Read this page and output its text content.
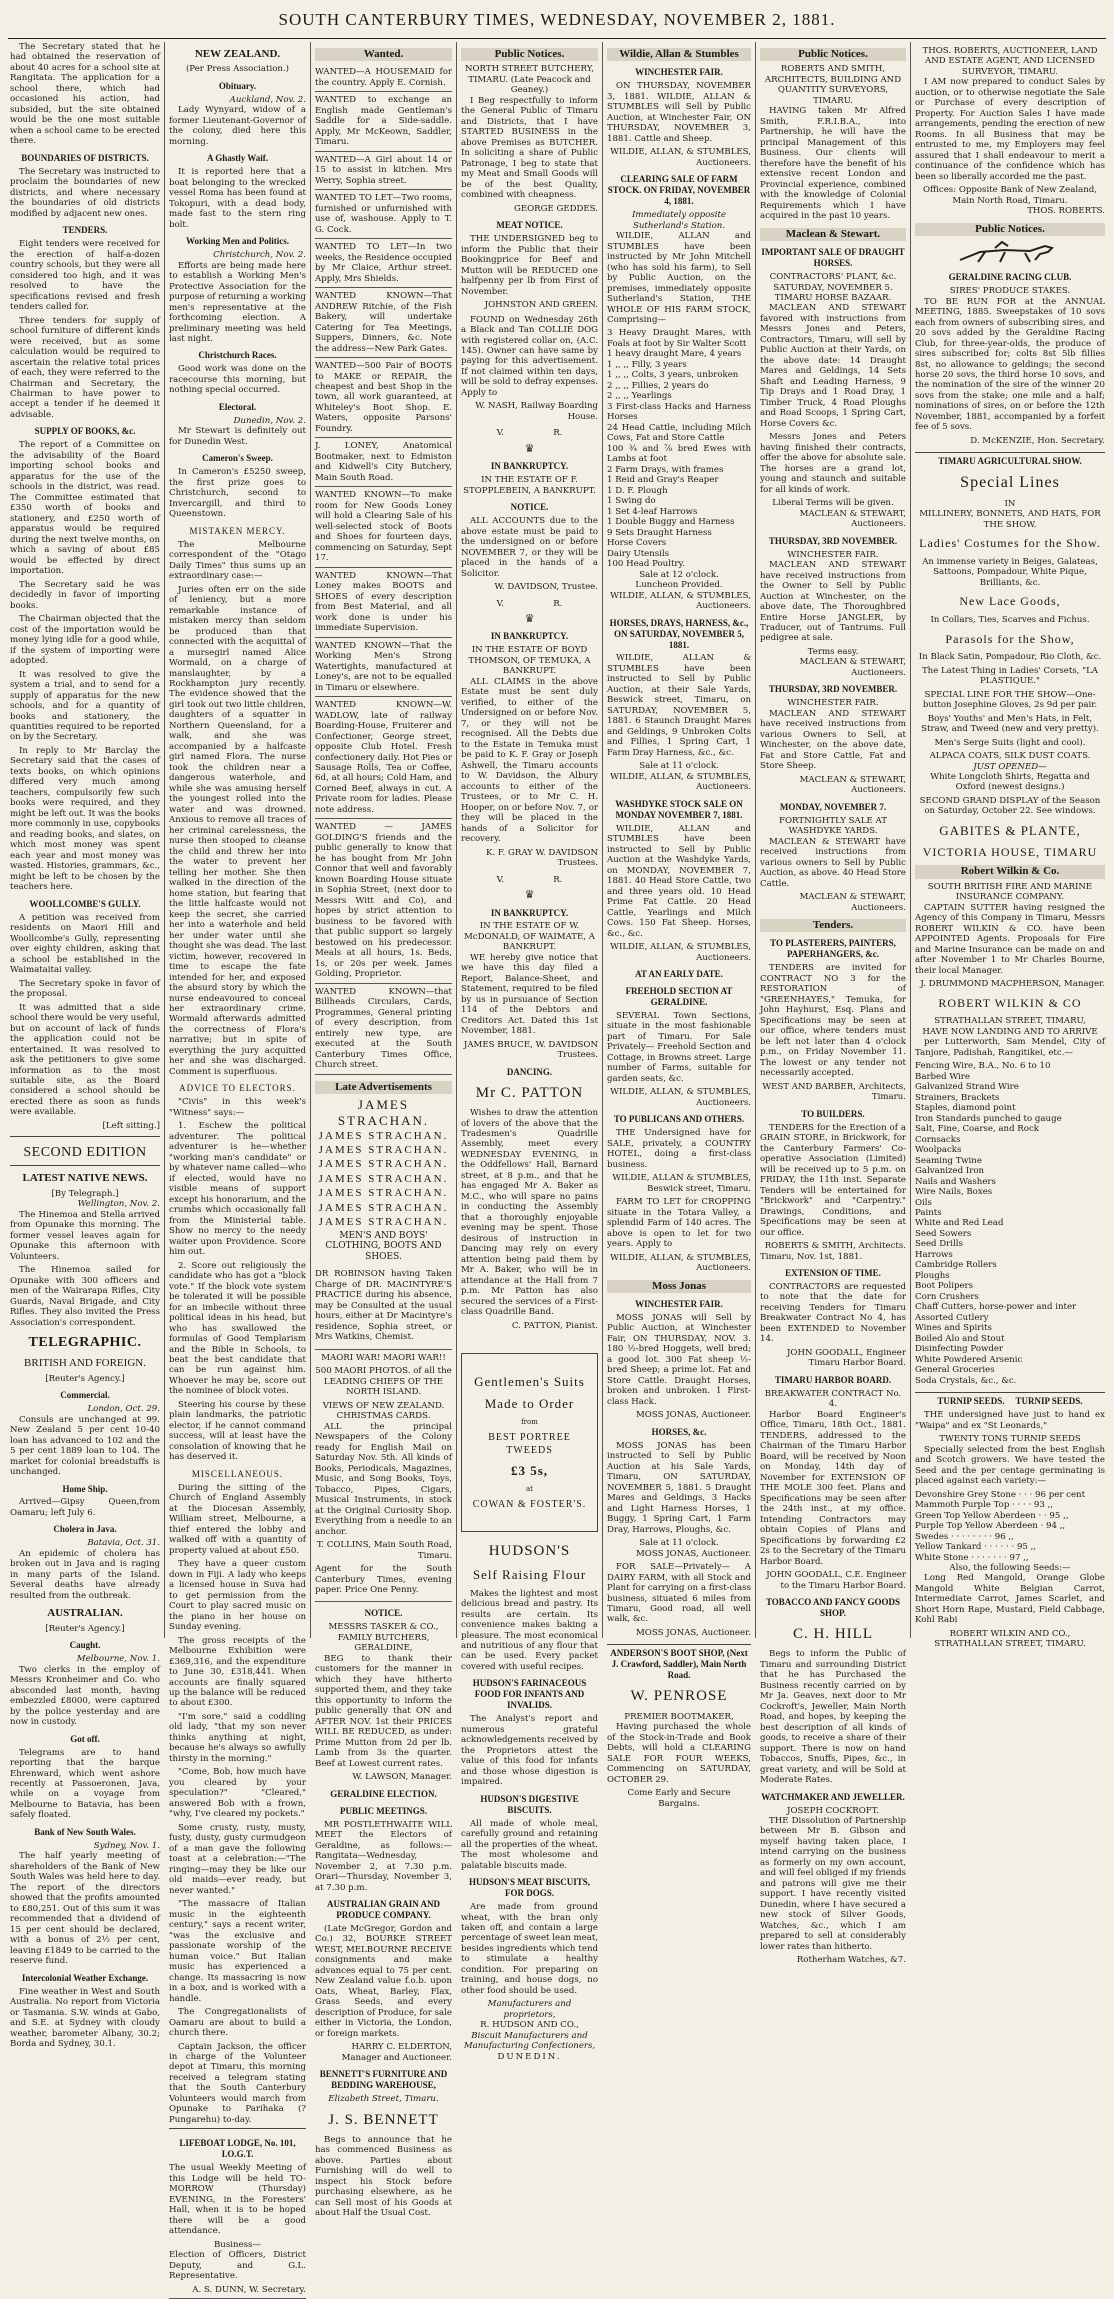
SOUTH CANTERBURY TIMES, WEDNESDAY, NOVEMBER 2, 1881.

The Secretary stated that he had obtained the reservation of about 40 acres for a school site at Rangitata. The application for a school there, which had occasioned his action, had subsided, but the site obtained would be the one most suitable when a school came to be erected there.

BOUNDARIES OF DISTRICTS.

The Secretary was instructed to proclaim the boundaries of new districts, and where necessary the boundaries of old districts modified by adjacent new ones.

TENDERS.

Eight tenders were received for the erection of half-a-dozen country schools, but they were all considered too high, and it was resolved to have the specifications revised and fresh tenders called for.

Three tenders for supply of school furniture of different kinds were received, but as some calculation would be required to ascertain the relative total prices of each, they were referred to the Chairman and Secretary, the Chairman to have power to accept a tender if he deemed it advisable.

SUPPLY OF BOOKS, &c.

The report of a Committee on the advisability of the Board importing school books and apparatus for the use of the schools in the district, was read. The Committee estimated that £350 worth of books and stationery, and £250 worth of apparatus would be required during the next twelve months, on which a saving of about £85 would be effected by direct importation.

The Secretary said he was decidedly in favor of importing books.

The Chairman objected that the cost of the importation would be money lying idle for a good while, if the system of importing were adopted.

It was resolved to give the system a trial, and to send for a supply of apparatus for the new schools, and for a quantity of books and stationery, the quantities required to be reported on by the Secretary.

In reply to Mr Barclay the Secretary said that the cases of texts books, on which opinions differed very much among teachers, compulsorily few such books were required, and they might be left out. It was the books more commonly in use, copybooks and reading books, and slates, on which most money was spent each year and most money was wasted. Histories, grammars, &c., might be left to be chosen by the teachers here.

WOOLLCOMBE'S GULLY.

A petition was received from residents on Maori Hill and Woollcombe's Gully, representing over eighty children, asking that a school be established in the Waimataitai valley.

The Secretary spoke in favor of the proposal.

It was admitted that a side school there would be very useful, but on account of lack of funds the application could not be entertained. It was resolved to ask the petitioners to give some information as to the most suitable site, as the Board considered a school should be erected there as soon as funds were available.

[Left sitting.]
SECOND EDITION
LATEST NATIVE NEWS.
[By Telegraph.]
Wellington, Nov. 2.

The Hinemoa and Stella arrived from Opunake this morning. The former vessel leaves again for Opunake this afternoon with Volunteers.

The Hinemoa sailed for Opunake with 300 officers and men of the Wairarapa Rifles, City Guards, Naval Brigade, and City Rifles. They also invited the Press Association's correspondent.

TELEGRAPHIC.
BRITISH AND FOREIGN.
[Reuter's Agency.]
Commercial.
London, Oct. 29.

Consuls are unchanged at 99. New Zealand 5 per cent 10-40 loan has advanced to 102 and the 5 per cent 1889 loan to 104. The market for colonial breadstuffs is unchanged.

Home Ship.

Arrived—Gipsy Queen,from Oamaru; left July 6.

Cholera in Java.
Batavia, Oct. 31.

An epidemic of cholera has broken out in Java and is raging in many parts of the Island. Several deaths have already resulted from the outbreak.

AUSTRALIAN.
[Reuter's Agency.]
Caught.
Melbourne, Nov. 1.

Two clerks in the employ of Messrs Kronheimer and Co. who absconded last month, having embezzled £8000, were captured by the police yesterday and are now in custody.

Got off.

Telegrams are to hand reporting that the barque Ehrenward, which went ashore recently at Passoeronen, Java, while on a voyage from Melbourne to Batavia, has been safely floated.

Bank of New South Wales.
Sydney, Nov. 1.

The half yearly meeting of shareholders of the Bank of New South Wales was held here to day. The report of the directors showed that the profits amounted to £80,251. Out of this sum it was recommended that a dividend of 15 per cent should be declared, with a bonus of 2½ per cent, leaving £1849 to be carried to the reserve fund.

Intercolonial Weather Exchange.

Fine weather in West and South Australia. No report from Victoria or Tasmania. S.W. winds at Gabo, and S.E. at Sydney with cloudy weather, barometer Albany, 30.2; Borda and Sydney, 30.1.

NEW ZEALAND.
(Per Press Association.)
Obituary.
Auckland, Nov. 2.

Lady Wynyard, widow of a former Lieutenant-Governor of the colony, died here this morning.

A Ghastly Waif.

It is reported here that a boat belonging to the wrecked vessel Roma has been found at Tokopuri, with a dead body, made fast to the stern ring bolt.

Working Men and Politics.
Christchurch, Nov. 2.

Efforts are being made here to establish a Working Men's Protective Association for the purpose of returning a working men's representative at the forthcoming election. A preliminary meeting was held last night.

Christchurch Races.

Good work was done on the racecourse this morning, but nothing special occurred.

Electoral.
Dunedin, Nov. 2.

Mr Stewart is definitely out for Dunedin West.

Cameron's Sweep.

In Cameron's £5250 sweep, the first prize goes to Christchurch, second to Invercargill, and third to Queenstown.

MISTAKEN MERCY.

The Melbourne correspondent of the "Otago Daily Times" thus sums up an extraordinary case:—

Juries often err on the side of leniency, but a more remarkable instance of mistaken mercy than seldom be produced than that connected with the acquittal of a mursegirl named Alice Wormald, on a charge of manslaughter, by a Rockhampton jury recently. The evidence showed that the girl took out two little children, daughters of a squatter in Northern Queensland, for a walk, and she was accompanied by a halfcaste girl named Flora. The nurse took the children near a dangerous waterhole, and while she was amusing herself the youngest rolled into the water and was drowned. Anxious to remove all traces of her criminal carelessness, the nurse then stooped to cleanse the child and threw her into the water to prevent her telling her mother. She then walked in the direction of the home station, but fearing that the little halfcaste would not keep the secret, she carried her into a waterhole and held her under water until she thought she was dead. The last victim, however, recovered in time to escape the fate intended for her, and exposed the absurd story by which the nurse endeavoured to conceal her extraordinary crime. Wormald afterwards admitted the correctness of Flora's narrative; but in spite of everything the jury acquitted her and she was discharged. Comment is superfluous.

ADVICE TO ELECTORS.

"Civis" in this week's "Witness" says:—

1. Eschew the political adventurer. The political adventurer is he—whether "working man's candidate" or by whatever name called—who if elected, would have no visible means of support except his honorarium, and the crumbs which occasionally fall from the Ministerial table. Show no mercy to the needy waiter upon Providence. Score him out.

2. Score out religiously the candidate who has got a "block vote." If the block vote system be tolerated it will be possible for an imbecile without three political ideas in his head, but who has swallowed the formulas of Good Templarism and the Bible in Schools, to beat the best candidate that can be run against him. Whoever he may be, score out the nominee of block votes.

Steering his course by these plain landmarks, the patriotic elector, if he cannot command success, will at least have the consolation of knowing that he has deserved it.

MISCELLANEOUS.

During the sitting of the Church of England Assembly at the Diocesan Assembly, William street, Melbourne, a thief entered the lobby and walked off with a quantity of property valued at about £50.

They have a queer custom down in Fiji. A lady who keeps a licensed house in Suva had to get permission from the Court to play sacred music on the piano in her house on Sunday evening.

The gross receipts of the Melbourne Exhibition were £369,316, and the expenditure to June 30, £318,441. When accounts are finally squared up the balance will be reduced to about £300.

"I'm sore," said a coddling old lady, "that my son never thinks anything at night, because he's always so awfully thirsty in the morning."

"Come, Bob, how much have you cleared by your speculation?" "Cleared," answered Bob with a frown, "why, I've cleared my pockets."

Some crusty, rusty, musty, fusty, dusty, gusty curmudgeon of a man gave the following toast at a celebration:—"The ringing—may they be like our old maids—ever ready, but never wanted."

"The massacre of Italian music in the eighteenth century," says a recent writer, "was the exclusive and passionate worship of the human voice." But Italian music has experienced a change. Its massacring is now in a box, and is worked with a handle.

The Congregationalists of Oamaru are about to build a church there.

Captain Jackson, the officer in charge of the Volunteer depot at Timaru, this morning received a telegram stating that the South Canterbury Volunteers would march from Opunake to Parihaka (? Pungarehu) to-day.

LIFEBOAT LODGE, No. 101, I.O.G.T.

The usual Weekly Meeting of this Lodge will be held TO-MORROW (Thursday) EVENING, in the Foresters' Hall, when it is to be hoped there will be a good attendance.

Business—

Election of Officers, District Deputy, and G.L. Representative.

A. S. DUNN, W. Secretary.
Wanted.
WANTED—A HOUSEMAID for the country. Apply E. Cornish.
WANTED to exchange an English made Gentleman's Saddle for a Side-saddle. Apply, Mr McKeown, Saddler, Timaru.
WANTED—A Girl about 14 or 15 to assist in kitchen. Mrs Werry, Sophia street.
WANTED TO LET—Two rooms, furnished or unfurnished with use of, washouse. Apply to T. G. Cock.
WANTED TO LET—In two weeks, the Residence occupied by Mr Claice, Arthur street. Apply, Mrs Shields.
WANTED KNOWN—That ANDREW Ritchie, of the Fish Bakery, will undertake Catering for Tea Meetings, Suppers, Dinners, &c. Note the address—New Park Gates.
WANTED—500 Pair of BOOTS to MAKE or REPAIR, the cheapest and best Shop in the town, all work guaranteed, at Whiteley's Boot Shop. E. Waters, opposite Parsons' Foundry.
J. LONEY, Anatomical Bootmaker, next to Edmiston and Kidwell's City Butchery, Main South Road.
WANTED KNOWN—To make room for New Goods Loney will hold a Clearing Sale of his well-selected stock of Boots and Shoes for fourteen days, commencing on Saturday, Sept 17.
WANTED KNOWN—That Loney makes BOOTS and SHOES of every description from Best Material, and all work done is under his immediate Supervision.
WANTED KNOWN—That the Working Men's Strong Watertights, manufactured at Loney's, are not to be equalled in Timaru or elsewhere.
WANTED KNOWN—W. WADLOW, late of railway Boarding-House, Fruiterer and Confectioner, George street, opposite Club Hotel. Fresh confectionery daily. Hot Pies or Sausage Rolls, Tea or Coffee, 6d, at all hours; Cold Ham, and Corned Beef, always in cut. A Private room for ladies. Please note address.
WANTED — JAMES GOLDING'S friends and the public generally to know that he has bought from Mr John Connor that well and favorably known Boarding House situate in Sophia Street, (next door to Messrs Witt and Co), and hopes by strict attention to business to be favored with that public support so largely bestowed on his predecessor. Meals at all hours, 1s. Beds, 1s, or 20s per week. James Golding, Proprietor.
WANTED KNOWN—that Billheads Circulars, Cards, Programmes, General printing of every description, from entirely new type, are executed at the South Canterbury Times Office, Church street.
Late Advertisements
JAMES STRACHAN.
JAMES STRACHAN.
JAMES STRACHAN.
JAMES STRACHAN.
JAMES STRACHAN.
JAMES STRACHAN.
JAMES STRACHAN.
JAMES STRACHAN.
MEN'S AND BOYS' CLOTHING, BOOTS AND SHOES.

DR ROBINSON having Taken Charge of DR. MACINTYRE'S PRACTICE during his absence, may be Consulted at the usual hours, either at Dr Macintyre's residence, Sophia street, or Mrs Watkins, Chemist.

MAORI WAR! MAORI WAR!!
500 MAORI PHOTOS. of all the LEADING CHIEFS OF THE NORTH ISLAND.
VIEWS OF NEW ZEALAND.
CHRISTMAS CARDS.

ALL the principal Newspapers of the Colony ready for English Mail on Saturday Nov. 5th. All kinds of Books, Periodicals, Magazines, Music, and Song Books, Toys, Tobacco, Pipes, Cigars, Musical Instruments, in stock at the Original Curiosity Shop. Everything from a needle to an anchor.

T. COLLINS, Main South Road, Timaru.

Agent for the South Canterbury Times, evening paper. Price One Penny.

NOTICE.
MESSRS TASKER & CO., FAMILY BUTCHERS, GERALDINE,

BEG to thank their customers for the manner in which they have hitherto supported them, and they take this opportunity to inform the public generally that ON and AFTER NOV. 1st their PRICES WILL BE REDUCED, as under: Prime Mutton from 2d per lb. Lamb from 3s the quarter. Beef at Lowest current rates.

W. LAWSON, Manager.
GERALDINE ELECTION.
PUBLIC MEETINGS.

MR POSTLETHWAITE WILL MEET the Electors of Geraldine, as follows:— Rangitata—Wednesday, November 2, at 7.30 p.m. Orari—Thursday, November 3, at 7.30 p.m.

AUSTRALIAN GRAIN AND PRODUCE COMPANY.

(Late McGregor, Gordon and Co.) 32, BOURKE STREET WEST, MELBOURNE RECEIVE consignments and make advances equal to 75 per cent. New Zealand value f.o.b. upon Oats, Wheat, Barley, Flax, Grass Seeds, and every description of Produce, for sale either in Victoria, the London, or foreign markets.

HARRY C. ELDERTON, Manager and Auctioneer.
BENNETT'S FURNITURE AND BEDDING WAREHOUSE,
Elizabeth Street, Timaru.
J. S. BENNETT

Begs to announce that he has commenced Business as above. Parties about Furnishing will do well to inspect his Stock before purchasing elsewhere, as he can Sell most of his Goods at about Half the Usual Cost.

Public Notices.
NORTH STREET BUTCHERY, TIMARU. (Late Peacock and Geaney.)

I Beg respectfully to inform the General Public of Timaru and Districts, that I have STARTED BUSINESS in the above Premises as BUTCHER. In soliciting a share of Public Patronage, I beg to state that my Meat and Small Goods will be of the best Quality, combined with cheapness.

GEORGE GEDDES.
MEAT NOTICE.

THE UNDERSIGNED beg to inform the Public that their Bookingprice for Beef and Mutton will be REDUCED one halfpenny per lb from First of November.

JOHNSTON AND GREEN.

FOUND on Wednesday 26th a Black and Tan COLLIE DOG with registered collar on, (A.C. 145). Owner can have same by paying for this advertisement. If not claimed within ten days, will be sold to defray expenses. Apply to

W. NASH, Railway Boarding House.
V.                  R.
♛
IN BANKRUPTCY.
IN THE ESTATE OF F. STOPPLEBEIN, A BANKRUPT.
NOTICE.

ALL ACCOUNTS due to the above estate must be paid to the undersigned on or before NOVEMBER 7, or they will be placed in the hands of a Solicitor.

W. DAVIDSON, Trustee.
V.                  R.
♛
IN BANKRUPTCY.
IN THE ESTATE OF BOYD THOMSON, OF TEMUKA, A BANKRUPT.

ALL CLAIMS in the above Estate must be sent duly verified, to either of the Undersigned on or before Nov. 7, or they will not be recognised. All the Debts due to the Estate in Temuka must be paid to K. F. Gray or Joseph Ashwell, the Timaru accounts to W. Davidson, the Albury accounts to either of the Trustees, or to Mr C. H. Hooper, on or before Nov. 7, or they will be placed in the hands of a Solicitor for recovery.

K. F. GRAY W. DAVIDSON Trustees.
V.                  R.
♛
IN BANKRUPTCY.
IN THE ESTATE OF W. McDONALD, OF WAIMATE, A BANKRUPT.

WE hereby give notice that we have this day filed a Report, Balance-Sheet, and Statement, required to be filed by us in pursuance of Section 114 of the Debtors and Creditors Act. Dated this 1st November, 1881.

JAMES BRUCE, W. DAVIDSON Trustees.
DANCING.
Mr C. PATTON

Wishes to draw the attention of lovers of the above that the Tradesmen's Quadrille Assembly, meet every WEDNESDAY EVENING, in the Oddfellows' Hall, Barnard street, at 8 p.m., and that he has engaged Mr A. Baker as M.C., who will spare no pains in conducting the Assembly that a thoroughly enjoyable evening may be spent. Those desirous of instruction in Dancing may rely on every attention being paid them by Mr A. Baker, who will be in attendance at the Hall from 7 p.m. Mr Patton has also secured the services of a First-class Quadrille Band.

C. PATTON, Pianist.
Gentlemen's Suits
Made to Order
from
BEST PORTREE TWEEDS
£3 5s,
at
COWAN & FOSTER'S.
HUDSON'S
Self Raising Flour

Makes the lightest and most delicious bread and pastry. Its results are certain. Its convenience makes baking a pleasure. The most economical and nutritious of any flour that can be used. Every packet covered with useful recipes.

HUDSON'S FARINACEOUS FOOD FOR INFANTS AND INVALIDS.

The Analyst's report and numerous grateful acknowledgements received by the Proprietors attest the value of this food for infants and those whose digestion is impaired.

HUDSON'S DIGESTIVE BISCUITS.

All made of whole meal, carefully ground and retaining all the properties of the wheat. The most wholesome and palatable biscuits made.

HUDSON'S MEAT BISCUITS, FOR DOGS.

Are made from ground wheat, with the bran only taken off, and contain a large percentage of sweet lean meat, besides ingredients which tend to stimulate a healthy condition. For preparing on training, and house dogs, no other food should be used.

Manufacturers and proprietors,
R. HUDSON AND CO.,
Biscuit Manufacturers and Manufacturing Confectioners,
DUNEDIN.
Wildie, Allan & Stumbles
WINCHESTER FAIR.

ON THURSDAY, NOVEMBER 3, 1881. WILDIE, ALLAN & STUMBLES will Sell by Public Auction, at Winchester Fair, ON THURSDAY, NOVEMBER 3, 1881. Cattle and Sheep.

WILDIE, ALLAN, & STUMBLES, Auctioneers.
CLEARING SALE OF FARM STOCK. ON FRIDAY, NOVEMBER 4, 1881.
Immediately opposite Sutherland's Station.

WILDIE, ALLAN and STUMBLES have been instructed by Mr John Mitchell (who has sold his farm), to Sell by Public Auction, on the premises, immediately opposite Sutherland's Station, THE WHOLE OF HIS FARM STOCK, Comprising—

3 Heavy Draught Mares, with Foals at foot by Sir Walter Scott
1 heavy draught Mare, 4 years
1 ,, ,, Filly, 3 years
1 ,, ,, Colts, 3 years, unbroken
2 ,, ,, Fillies, 2 years do
2 ,, ,, Yearlings
3 First-class Hacks and Harness Horses
24 Head Cattle, including Milch Cows, Fat and Store Cattle
100 ¾ and ⅞ bred Ewes with Lambs at foot
2 Farm Drays, with frames
1 Reid and Gray's Reaper
1 D. F. Plough
1 Swing do
1 Set 4-leaf Harrows
1 Double Buggy and Harness
9 Sets Draught Harness
Horse Covers
Dairy Utensils
100 Head Poultry.
Sale at 12 o'clock.
Luncheon Provided.
WILDIE, ALLAN, & STUMBLES, Auctioneers.
HORSES, DRAYS, HARNESS, &c., ON SATURDAY, NOVEMBER 5, 1881.

WILDIE, ALLAN & STUMBLES have been instructed to Sell by Public Auction, at their Sale Yards, Beswick street, Timaru, on SATURDAY, NOVEMBER 5, 1881. 6 Staunch Draught Mares and Geldings, 9 Unbroken Colts and Fillies, 1 Spring Cart, 1 Farm Dray Harness, &c., &c.

Sale at 11 o'clock.
WILDIE, ALLAN, & STUMBLES, Auctioneers.
WASHDYKE STOCK SALE ON MONDAY NOVEMBER 7, 1881.

WILDIE, ALLAN and STUMBLES have been instructed to Sell by Public Auction at the Washdyke Yards, on MONDAY, NOVEMBER 7, 1881. 40 Head Store Cattle, two and three years old. 10 Head Prime Fat Cattle. 20 Head Cattle, Yearlings and Milch Cows. 150 Fat Sheep. Horses, &c., &c.

WILDIE, ALLAN, & STUMBLES, Auctioneers.
AT AN EARLY DATE.
FREEHOLD SECTION AT GERALDINE.

SEVERAL Town Sections, situate in the most fashionable part of Timaru. For Sale Privately— Freehold Section and Cottage, in Browns street. Large number of Farms, suitable for garden seats, &c.

WILDIE, ALLAN, & STUMBLES, Auctioneers.
TO PUBLICANS AND OTHERS.

THE Undersigned have for SALE, privately, a COUNTRY HOTEL, doing a first-class business.

WILDIE, ALLAN & STUMBLES, Beswick street, Timaru.

FARM TO LET for CROPPING situate in the Totara Valley, a splendid Farm of 140 acres. The above is open to let for two years. Apply to

WILDIE, ALLAN, & STUMBLES, Auctioneers.
Moss Jonas
WINCHESTER FAIR.

MOSS JONAS will Sell by Public Auction, at Winchester Fair, ON THURSDAY, NOV. 3. 180 ½-bred Hoggets, well bred; a good lot. 300 Fat sheep ½-bred Sheep; a prime lot. Fat and Store Cattle. Draught Horses, broken and unbroken. 1 First-class Hack.

MOSS JONAS, Auctioneer.
HORSES, &c.

MOSS JONAS has been instructed to Sell by Public Auction at his Sale Yards, Timaru, ON SATURDAY, NOVEMBER 5, 1881. 5 Draught Mares and Geldings, 3 Hacks and Light Harness Horses, 1 Buggy, 1 Spring Cart, 1 Farm Dray, Harrows, Ploughs, &c.

Sale at 11 o'clock.
MOSS JONAS, Auctioneer.

FOR SALE—Privately— A DAIRY FARM, with all Stock and Plant for carrying on a first-class business, situated 6 miles from Timaru, Good road, all well walk, &c.

MOSS JONAS, Auctioneer.
ANDERSON'S BOOT SHOP, (Next J. Crawford, Saddler), Main North Road.
W. PENROSE
PREMIER BOOTMAKER,

Having purchased the whole of the Stock-in-Trade and Book Debts, will hold a CLEARING SALE FOR FOUR WEEKS, Commencing on SATURDAY, OCTOBER 29.

Come Early and Secure Bargains.
Public Notices.
ROBERTS AND SMITH, ARCHITECTS, BUILDING AND QUANTITY SURVEYORS, TIMARU.

HAVING taken Mr Alfred Smith, F.R.I.B.A., into Partnership, he will have the principal Management of this Business. Our clients will therefore have the benefit of his extensive recent London and Provincial experience, combined with the knowledge of Colonial Requirements which I have acquired in the past 10 years.

Maclean & Stewart.
IMPORTANT SALE OF DRAUGHT HORSES.
CONTRACTORS' PLANT, &c.
SATURDAY, NOVEMBER 5.
TIMARU HORSE BAZAAR.

MACLEAN AND STEWART favored with instructions from Messrs Jones and Peters, Contractors, Timaru, will sell by Public Auction at their Yards, on the above date: 14 Draught Mares and Geldings, 14 Sets Shaft and Leading Harness, 9 Tip Drays and 1 Road Dray, 1 Timber Truck, 4 Road Ploughs and Road Scoops, 1 Spring Cart, Horse Covers &c.

Messrs Jones and Peters having finished their contracts, offer the above for absolute sale. The horses are a grand lot, young and staunch and suitable for all kinds of work.

Liberal Terms will be given.
MACLEAN & STEWART, Auctioneers.
THURSDAY, 3RD NOVEMBER.
WINCHESTER FAIR.

MACLEAN AND STEWART have received instructions from the Owner to Sell by Public Auction at Winchester, on the above date, The Thoroughbred Entire Horse JANGLER, by Traducer, out of Tantrums. Full pedigree at sale.

Terms easy.
MACLEAN & STEWART, Auctioneers.
THURSDAY, 3RD NOVEMBER.
WINCHESTER FAIR.

MACLEAN AND STEWART have received instructions from various Owners to Sell, at Winchester, on the above date, Fat and Store Cattle, Fat and Store Sheep.

MACLEAN & STEWART, Auctioneers.
MONDAY, NOVEMBER 7.
FORTNIGHTLY SALE AT WASHDYKE YARDS.

MACLEAN & STEWART have received instructions from various owners to Sell by Public Auction, as above. 40 Head Store Cattle.

MACLEAN & STEWART, Auctioneers.
Tenders.
TO PLASTERERS, PAINTERS, PAPERHANGERS, &c.

TENDERS are invited for CONTRACT NO 3 for the RESTORATION of "GREENHAYES," Temuka, for John Hayhurst, Esq. Plans and Specifications may be seen at our office, where tenders must be left not later than 4 o'clock p.m., on Friday November 11. The lowest or any tender not necessarily accepted.

WEST AND BARBER, Architects, Timaru.
TO BUILDERS.

TENDERS for the Erection of a GRAIN STORE, in Brickwork, for the Canterbury Farmers' Co-operative Association (Limited) will be received up to 5 p.m. on FRIDAY, the 11th inst. Separate Tenders will be entertained for "Brickwork" and "Carpentry." Drawings, Conditions, and Specifications may be seen at our office.

ROBERTS & SMITH, Architects.
Timaru, Nov. 1st, 1881.
EXTENSION OF TIME.

CONTRACTORS are requested to note that the date for receiving Tenders for Timaru Breakwater Contract No 4, has been EXTENDED to November 14.

JOHN GOODALL, Engineer Timaru Harbor Board.
TIMARU HARBOR BOARD.
BREAKWATER CONTRACT No. 4.

Harbor Board Engineer's Office, Timaru, 18th Oct., 1881. TENDERS, addressed to the Chairman of the Timaru Harbor Board, will be received by Noon on Monday, 14th day of November for EXTENSION OF THE MOLE 300 feet. Plans and Specifications may be seen after the 24th inst., at my office. Intending Contractors may obtain Copies of Plans and Specifications by forwarding £2 2s to the Secretary of the Timaru Harbor Board.

JOHN GOODALL, C.E. Engineer to the Timaru Harbor Board.
TOBACCO AND FANCY GOODS SHOP.
C. H. HILL

Begs to inform the Public of Timaru and surrounding District that he has Purchased the Business recently carried on by Mr Ja. Geaves, next door to Mr Cockroft's, Jeweller, Main North Road, and hopes, by keeping the best description of all kinds of goods, to receive a share of their support. There is now on hand Tobaccos, Snuffs, Pipes, &c., in great variety, and will be Sold at Moderate Rates.

WATCHMAKER AND JEWELLER.
JOSEPH COCKROFT.

THE Dissolution of Partnership between Mr B. Gibson and myself having taken place, I intend carrying on the business as formerly on my own account, and will feel obliged if my friends and patrons will give me their support. I have recently visited Dunedin, where I have secured a new stock of Silver Goods, Watches, &c., which I am prepared to sell at considerably lower rates than hitherto.

Rotherham Watches, &7.
THOS. ROBERTS, AUCTIONEER, LAND AND ESTATE AGENT, AND LICENSED SURVEYOR, TIMARU.

I AM now prepared to conduct Sales by auction, or to otherwise negotiate the Sale or Purchase of every description of Property. For Auction Sales I have made arrangements, pending the erection of new Rooms. In all Business that may be entrusted to me, my Employers may feel assured that I shall endeavour to merit a continuance of the confidence which has been so liberally accorded me the past.

Offices: Opposite Bank of New Zealand, Main North Road, Timaru.
THOS. ROBERTS.
Public Notices.
GERALDINE RACING CLUB.
SIRES' PRODUCE STAKES.

TO BE RUN FOR at the ANNUAL MEETING, 1885. Sweepstakes of 10 sovs each from owners of subscribing sires, and 20 sovs added by the Geraldine Racing Club, for three-year-olds, the produce of sires subscribed for; colts 8st 5lb fillies 8st, no allowance to geldings; the second horse 20 sovs, the third horse 10 sovs, and the nomination of the sire of the winner 20 sovs from the stake; one mile and a half; nominations of sires, on or before the 12th November, 1881, accompanied by a forfeit fee of 5 sovs.

D. McKENZIE, Hon. Secretary.
TIMARU AGRICULTURAL SHOW.
Special Lines
IN
MILLINERY, BONNETS, AND HATS, FOR THE SHOW.
Ladies' Costumes for the Show.

An immense variety in Beiges, Galateas, Sattoons, Pompadour, White Pique, Brilliants, &c.

New Lace Goods,

In Collars, Ties, Scarves and Fichus.

Parasols for the Show,

In Black Satin, Pompadour, Rio Cloth, &c.

The Latest Thing in Ladies' Corsets, "LA PLASTIQUE."

SPECIAL LINE FOR THE SHOW—One-button Josephine Gloves, 2s 9d per pair.

Boys' Youths' and Men's Hats, in Felt, Straw, and Tweed (new and very pretty).

Men's Serge Suits (light and cool).

ALPACA COATS, SILK DUST COATS.
JUST OPENED—

White Longcloth Shirts, Regatta and Oxford (newest designs.)

SECOND GRAND DISPLAY of the Season on Saturday, October 22. See windows.

GABITES & PLANTE,
VICTORIA HOUSE, TIMARU
Robert Wilkin & Co.
SOUTH BRITISH FIRE AND MARINE INSURANCE COMPANY.

CAPTAIN SUTTER having resigned the Agency of this Company in Timaru, Messrs ROBERT WILKIN & CO. have been APPOINTED Agents. Proposals for Fire and Marine Insurance can be made on and after November 1 to Mr Charles Bourne, their local Manager.

J. DRUMMOND MACPHERSON, Manager.
ROBERT WILKIN & CO
STRATHALLAN STREET, TIMARU,
HAVE NOW LANDING AND TO ARRIVE

per Lutterworth, Sam Mendel, City of Tanjore, Padishah, Rangitikei, etc.—

Fencing Wire, B.A., No. 6 to 10
Barbed Wire
Galvanized Strand Wire
Strainers, Brackets
Staples, diamond point
Iron Standards punched to gauge
Salt, Fine, Coarse, and Rock
Cornsacks
Woolpacks
Seaming Twine
Galvanized Iron
Nails and Washers
Wire Nails, Boxes
Oils
Paints
White and Red Lead
Seed Sowers
Seed Drills
Harrows
Cambridge Rollers
Ploughs
Boot Polipers
Corn Crushers
Chaff Cutters, horse-power and inter
Assorted Cutlery
Wines and Spirits
Boiled Alo and Stout
Disinfecting Powder
White Powdered Arsenic
General Groceries
Soda Crystals, &c., &c.
TURNIP SEEDS.     TURNIP SEEDS.

THE undersigned have just to hand ex "Waipa" and ex "St Leonards,"

TWENTY TONS TURNIP SEEDS

Specially selected from the best English and Scotch growers. We have tested the Seed and the per centage germinating is placed against each variety:—

Devonshire Grey Stone · · · 96 per cent
Mammoth Purple Top · · · · 93 ,,
Green Top Yellow Aberdeen · · 95 ,,
Purple Top Yellow Aberdeen · 94 ,,
Swedes · · · · · · · · 96 ,,
Yellow Tankard · · · · · · 95 ,,
White Stone · · · · · · · 97 ,,
Also, the following Seeds:—

Long Red Mangold, Orange Globe Mangold White Belgian Carrot, Intermediate Carrot, James Scarlet, and Short Horn Rape, Mustard, Field Cabbage, Kohl Rabi

ROBERT WILKIN AND CO.,
STRATHALLAN STREET, TIMARU.
